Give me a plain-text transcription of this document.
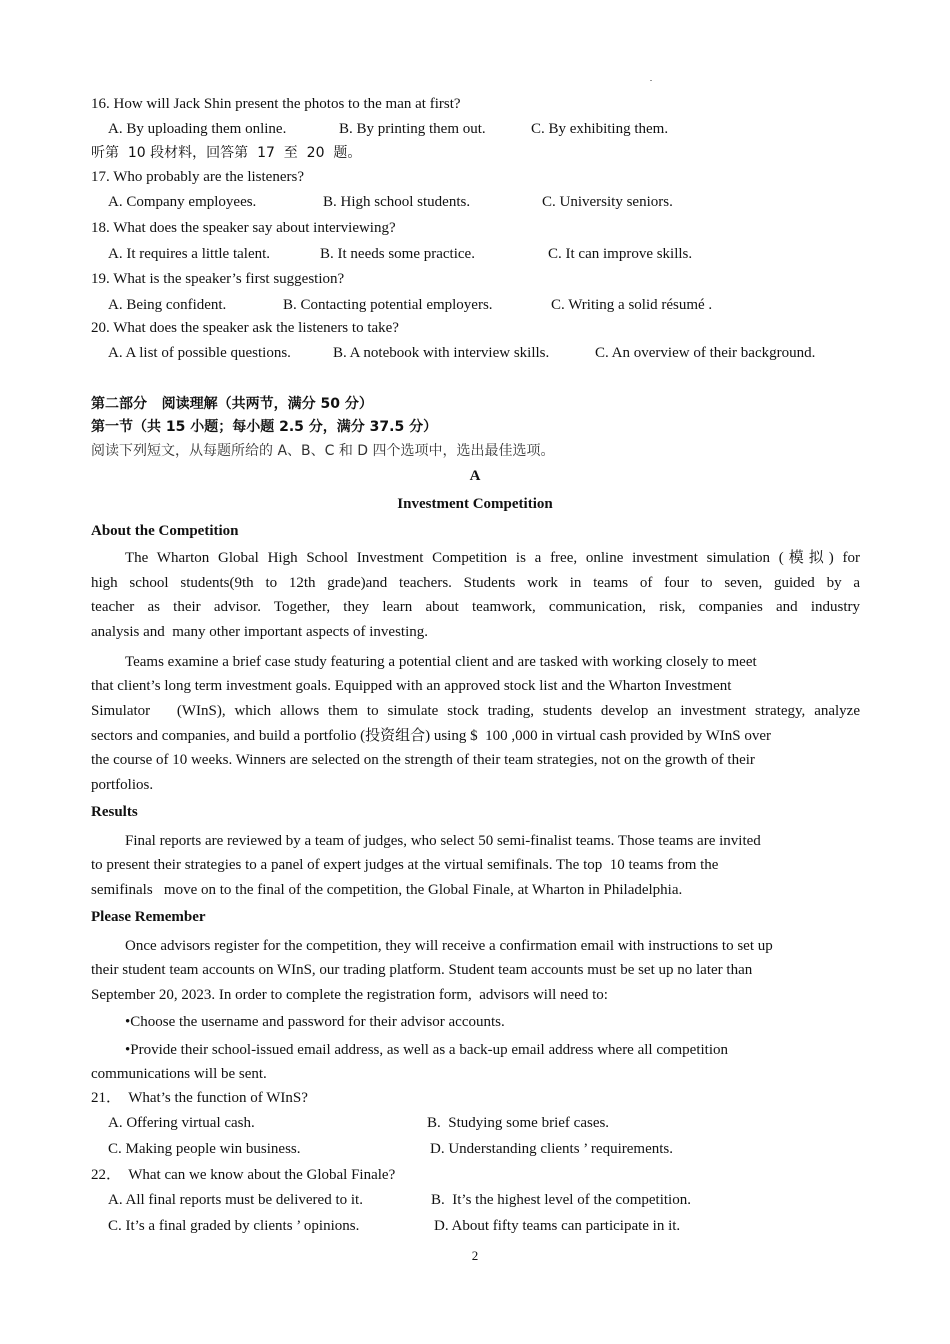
16. How will Jack Shin present the photos to the man at first?
A. By uploading them online.	B. By printing them out.	C. By exhibiting them.
听第  10 段材料，回答第  17  至  20  题。
17. Who probably are the listeners?
A. Company employees.	B. High school students.	C. University seniors.
18. What does the speaker say about interviewing?
A. It requires a little talent.	B. It needs some practice.	C. It can improve skills.
19. What is the speaker’s first suggestion?
A. Being confident.	B. Contacting potential employers.	C. Writing a solid résumé .
20. What does the speaker ask the listeners to take?
A. A list of possible questions.	B. A notebook with interview skills.	C. An overview of their background.
第二部分   阅读理解（共两节，满分 50 分）
第一节（共 15 小题；每小题 2.5 分，满分 37.5 分）
阅读下列短文，从每题所给的 A、B、C 和 D 四个选项中，选出最佳选项。
A
Investment Competition
About the Competition
The Wharton Global High School Investment Competition is a free, online investment simulation (模拟) for
high school students(9th to 12th grade)and teachers. Students work in teams of four to seven, guided by a
teacher as their advisor. Together, they learn about teamwork, communication, risk, companies and industry
analysis and  many other important aspects of investing.
Teams examine a brief case study featuring a potential client and are tasked with working closely to meet
that client’s long term investment goals. Equipped with an approved stock list and the Wharton Investment
Simulator   (WInS), which allows them to simulate stock trading, students develop an investment strategy, analyze
sectors and companies, and build a portfolio (投资组合) using $  100 ,000 in virtual cash provided by WInS over
the course of 10 weeks. Winners are selected on the strength of their team strategies, not on the growth of their
portfolios.
Results
Final reports are reviewed by a team of judges, who select 50 semi-finalist teams. Those teams are invited
to present their strategies to a panel of expert judges at the virtual semifinals. The top  10 teams from the
semifinals   move on to the final of the competition, the Global Finale, at Wharton in Philadelphia.
Please Remember
Once advisors register for the competition, they will receive a confirmation email with instructions to set up
their student team accounts on WInS, our trading platform. Student team accounts must be set up no later than
September 20, 2023. In order to complete the registration form,  advisors will need to:
•Choose the username and password for their advisor accounts.
•Provide their school-issued email address, as well as a back-up email address where all competition
communications will be sent.
21．  What’s the function of WInS?
A. Offering virtual cash.	B.  Studying some brief cases.
C. Making people win business.	D. Understanding clients ’ requirements.
22．  What can we know about the Global Finale?
A. All final reports must be delivered to it.	B.  It’s the highest level of the competition.
C. It’s a final graded by clients ’ opinions.	D. About fifty teams can participate in it.
2
